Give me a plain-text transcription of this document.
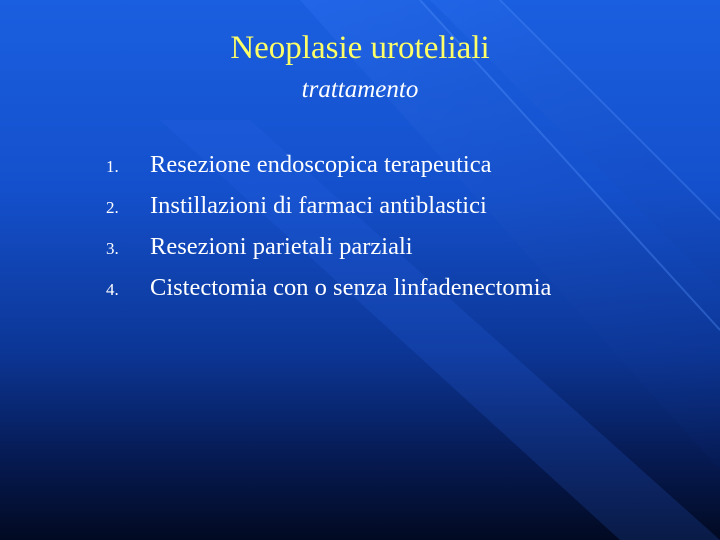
Neoplasie uroteliali
trattamento
1. Resezione endoscopica terapeutica
2. Instillazioni di farmaci antiblastici
3. Resezioni parietali parziali
4. Cistectomia con o senza linfadenectomia
